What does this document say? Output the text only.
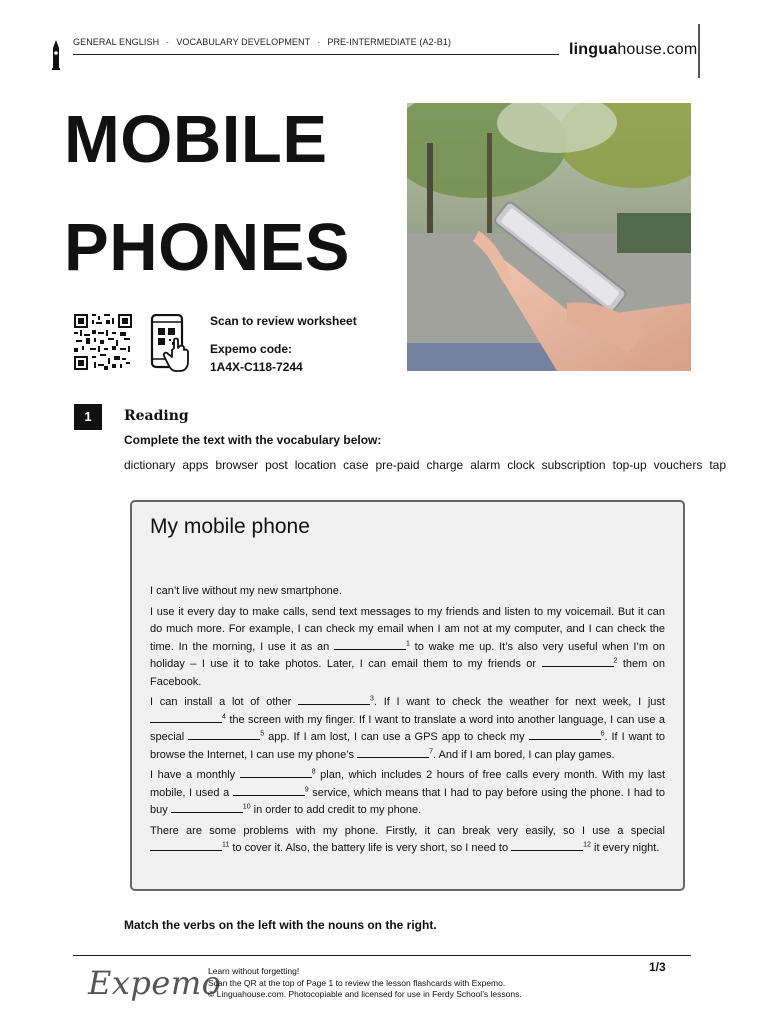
GENERAL ENGLISH · VOCABULARY DEVELOPMENT · PRE-INTERMEDIATE (A2-B1)	linguahouse.com
MOBILE
PHONES
Scan to review worksheet
Expemo code:
1A4X-C118-7244
1	Reading
Complete the text with the vocabulary below:
dictionary apps browser post location case pre-paid charge alarm clock subscription top-up vouchers tap
My mobile phone

I can’t live without my new smartphone.

I use it every day to make calls, send text messages to my friends and listen to my voicemail. But it can do much more. For example, I can check my email when I am not at my computer, and I can check the time. In the morning, I use it as an	$^1$ to wake me up. It’s also very useful when I’m on holiday – I use it to take photos. Later, I can email them to my friends or	$^2$ them on Facebook.

I can install a lot of other	$^3$. If I want to check the weather for next week, I just $^4$ the screen with my finger. If I want to translate a word into another language, I can use a special	$^5$ app. If I am lost, I can use a GPS app to check my	$^6$. If I want to browse the Internet, I can use my phone’s	$^7$. And if I am bored, I can play games.

I have a monthly	$^8$ plan, which includes 2 hours of free calls every month. With my last mobile, I used a	$^9$ service, which means that I had to pay before using the phone. I had to buy	$^{10}$ in order to add credit to my phone.

There are some problems with my phone. Firstly, it can break very easily, so I use a special $^{11}$ to cover it. Also, the battery life is very short, so I need to	$^{12}$ it every night.

Match the verbs on the left with the nouns on the right.
Expemo
Learn without forgetting!
Scan the QR at the top of Page 1 to review the lesson flashcards with Expemo.
© Linguahouse.com. Photocopiable and licensed for use in Ferdy School’s lessons.
1/3
